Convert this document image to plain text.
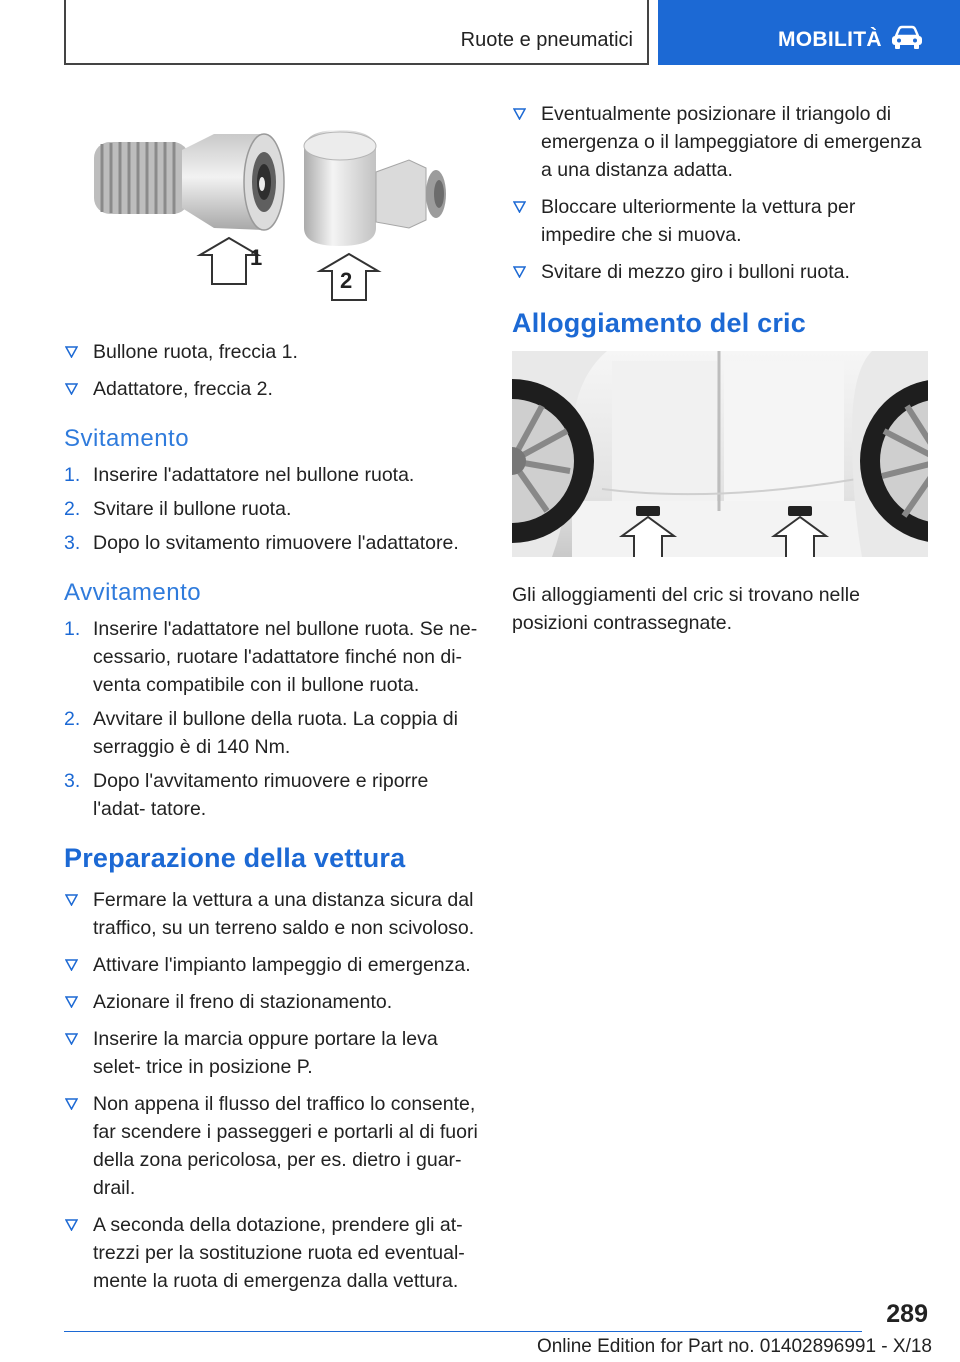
Ruote e pneumatici	MOBILITÀ
1
2
Bullone ruota, freccia 1.
Adattatore, freccia 2.
Svitamento
1. Inserire l'adattatore nel bullone ruota.
2. Svitare il bullone ruota.
3. Dopo lo svitamento rimuovere l'adattatore.
Avvitamento
1. Inserire l'adattatore nel bullone ruota. Se ne- cessario, ruotare l'adattatore finché non di- venta compatibile con il bullone ruota.
2. Avvitare il bullone della ruota. La coppia di serraggio è di 140 Nm.
3. Dopo l'avvitamento rimuovere e riporre l'adat- tatore.
Preparazione della vettura
Fermare la vettura a una distanza sicura dal traffico, su un terreno saldo e non scivoloso.
Attivare l'impianto lampeggio di emergenza.
Azionare il freno di stazionamento.
Inserire la marcia oppure portare la leva selet- trice in posizione P.
Non appena il flusso del traffico lo consente, far scendere i passeggeri e portarli al di fuori della zona pericolosa, per es. dietro i guar- drail.
A seconda della dotazione, prendere gli at- trezzi per la sostituzione ruota ed eventual- mente la ruota di emergenza dalla vettura.
Eventualmente posizionare il triangolo di emergenza o il lampeggiatore di emergenza a una distanza adatta.
Bloccare ulteriormente la vettura per impedire che si muova.
Svitare di mezzo giro i bulloni ruota.
Alloggiamento del cric

Gli alloggiamenti del cric si trovano nelle posizioni contrassegnate.

289
Online Edition for Part no. 01402896991 - X/18
